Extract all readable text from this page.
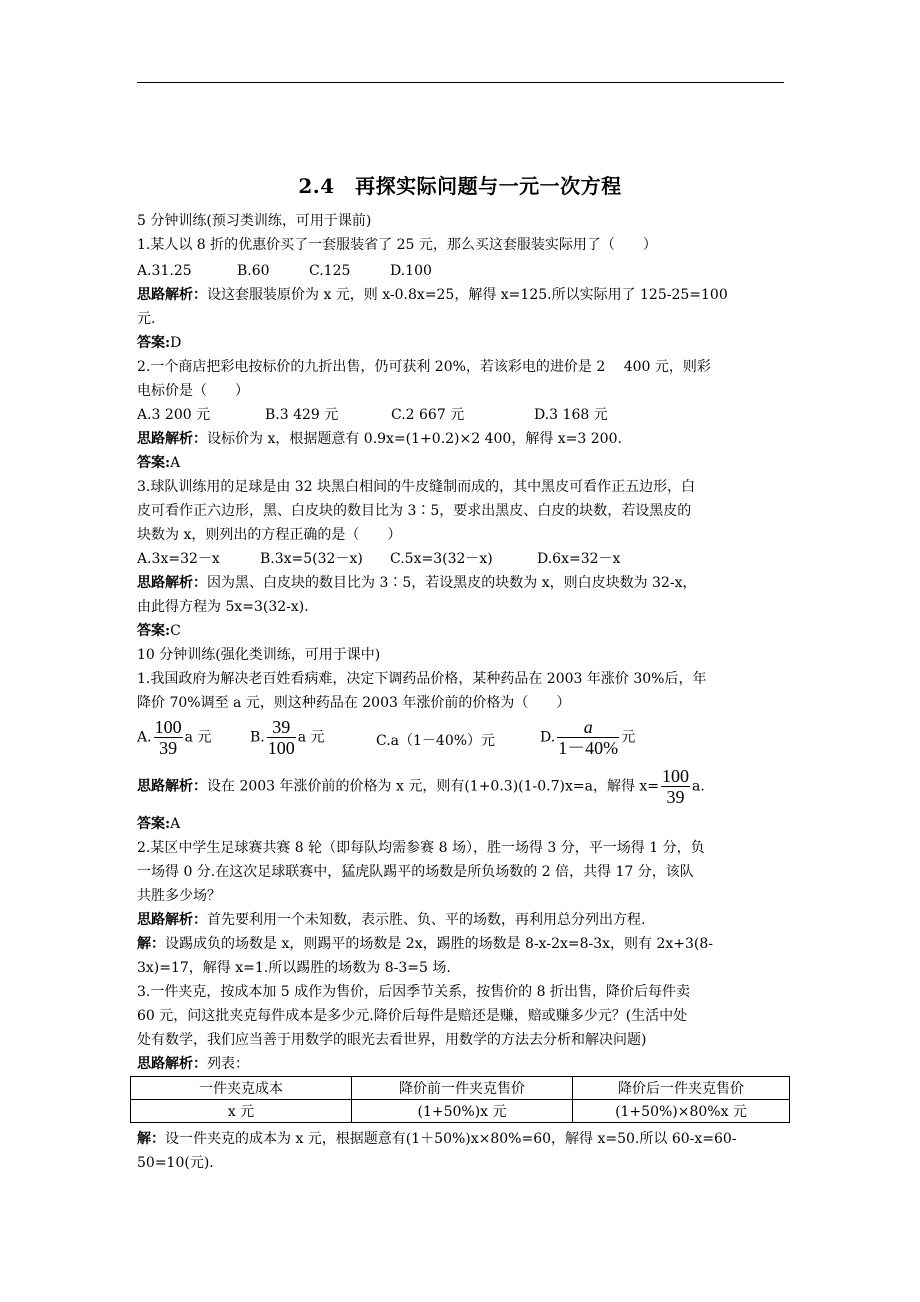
2.4　再探实际问题与一元一次方程
5 分钟训练(预习类训练，可用于课前)
1.某人以 8 折的优惠价买了一套服装省了 25 元，那么买这套服装实际用了（　　）
A.31.25	B.60	C.125	D.100
思路解析：设这套服装原价为 x 元，则 x-0.8x=25，解得 x=125.所以实际用了 125-25=100
元.
答案:D
2.一个商店把彩电按标价的九折出售，仍可获利 20%，若该彩电的进价是 2　 400 元，则彩
电标价是（　　）
A.3 200 元	B.3 429 元	C.2 667 元	D.3 168 元
思路解析：设标价为 x，根据题意有 0.9x=(1+0.2)×2 400，解得 x=3 200.
答案:A
3.球队训练用的足球是由 32 块黑白相间的牛皮缝制而成的，其中黑皮可看作正五边形，白
皮可看作正六边形，黑、白皮块的数目比为 3∶5，要求出黑皮、白皮的块数，若设黑皮的
块数为 x，则列出的方程正确的是（　　）
A.3x=32－x	B.3x=5(32－x) C.5x=3(32－x)	D.6x=32－x
思路解析：因为黑、白皮块的数目比为 3∶5，若设黑皮的块数为 x，则白皮块数为 32-x，
由此得方程为 5x=3(32-x).
答案:C
10 分钟训练(强化类训练，可用于课中)
1.我国政府为解决老百姓看病难，决定下调药品价格，某种药品在 2003 年涨价 30%后，年
降价 70%调至 a 元，则这种药品在 2003 年涨价前的价格为（　　）
A. $\frac{100}{39}$ a 元	B. $\frac{39}{100}$ a 元	C.a（1－40%）元	D. $\frac{a}{1-40\%}$ 元
思路解析：设在 2003 年涨价前的价格为 x 元，则有(1+0.3)(1-0.7)x=a，解得 $x= \frac{100}{39} a$.
答案:A
2.某区中学生足球赛共赛 8 轮（即每队均需参赛 8 场），胜一场得 3 分，平一场得 1 分，负
一场得 0 分.在这次足球联赛中，猛虎队踢平的场数是所负场数的 2 倍，共得 17 分，该队
共胜多少场？
思路解析：首先要利用一个未知数，表示胜、负、平的场数，再利用总分列出方程.
解：设踢成负的场数是 x，则踢平的场数是 2x，踢胜的场数是 8-x-2x=8-3x，则有 2x+3(8-
3x)=17，解得 x=1.所以踢胜的场数为 8-3=5 场.
3.一件夹克，按成本加 5 成作为售价，后因季节关系，按售价的 8 折出售，降价后每件卖
60 元，问这批夹克每件成本是多少元.降价后每件是赔还是赚，赔或赚多少元？(生活中处
处有数学，我们应当善于用数学的眼光去看世界，用数学的方法去分析和解决问题)
思路解析：列表：
一件夹克成本	降价前一件夹克售价	降价后一件夹克售价
x 元	(1+50%)x 元	(1+50%)×80%x 元
解：设一件夹克的成本为 x 元，根据题意有(1＋50%)x×80%=60，解得 x=50.所以 60-x=60-
50=10(元).
